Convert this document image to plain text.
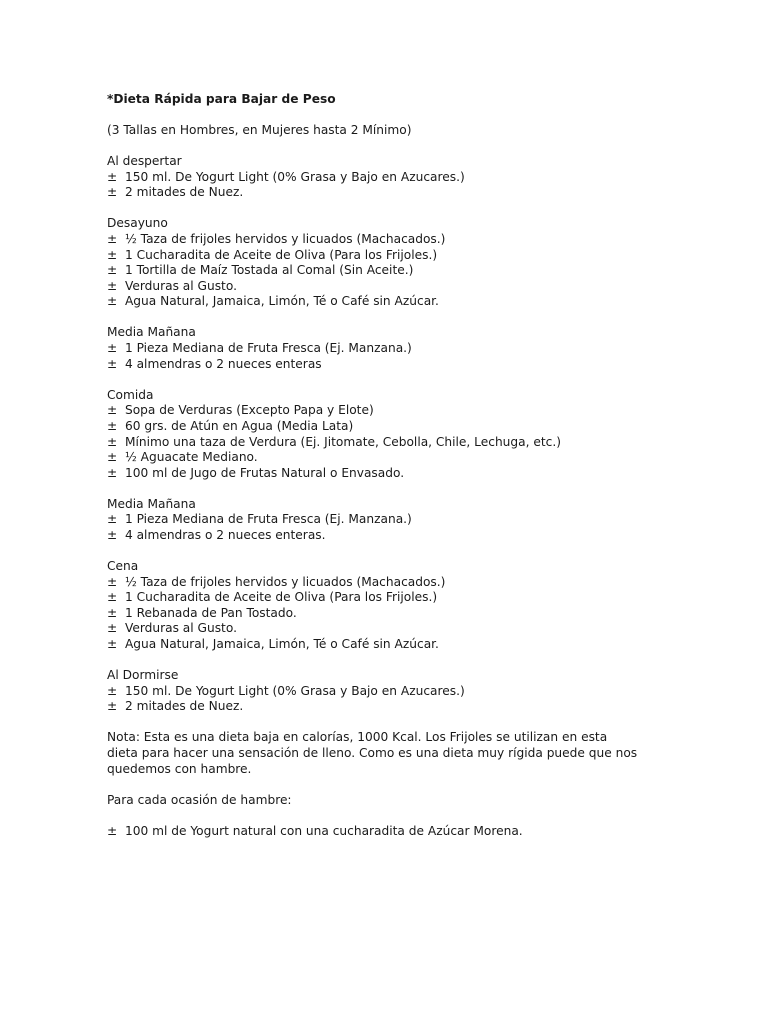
*Dieta Rápida para Bajar de Peso
(3 Tallas en Hombres, en Mujeres hasta 2 Mínimo)
Al despertar
±  150 ml. De Yogurt Light (0% Grasa y Bajo en Azucares.)
±  2 mitades de Nuez.
Desayuno
±  ½ Taza de frijoles hervidos y licuados (Machacados.)
±  1 Cucharadita de Aceite de Oliva (Para los Frijoles.)
±  1 Tortilla de Maíz Tostada al Comal (Sin Aceite.)
±  Verduras al Gusto.
±  Agua Natural, Jamaica, Limón, Té o Café sin Azúcar.
Media Mañana
±  1 Pieza Mediana de Fruta Fresca (Ej. Manzana.)
±  4 almendras o 2 nueces enteras
Comida
±  Sopa de Verduras (Excepto Papa y Elote)
±  60 grs. de Atún en Agua (Media Lata)
±  Mínimo una taza de Verdura (Ej. Jitomate, Cebolla, Chile, Lechuga, etc.)
±  ½ Aguacate Mediano.
±  100 ml de Jugo de Frutas Natural o Envasado.
Media Mañana
±  1 Pieza Mediana de Fruta Fresca (Ej. Manzana.)
±  4 almendras o 2 nueces enteras.
Cena
±  ½ Taza de frijoles hervidos y licuados (Machacados.)
±  1 Cucharadita de Aceite de Oliva (Para los Frijoles.)
±  1 Rebanada de Pan Tostado.
±  Verduras al Gusto.
±  Agua Natural, Jamaica, Limón, Té o Café sin Azúcar.
Al Dormirse
±  150 ml. De Yogurt Light (0% Grasa y Bajo en Azucares.)
±  2 mitades de Nuez.
Nota: Esta es una dieta baja en calorías, 1000 Kcal. Los Frijoles se utilizan en esta
dieta para hacer una sensación de lleno. Como es una dieta muy rígida puede que nos
quedemos con hambre.
Para cada ocasión de hambre:
±  100 ml de Yogurt natural con una cucharadita de Azúcar Morena.
